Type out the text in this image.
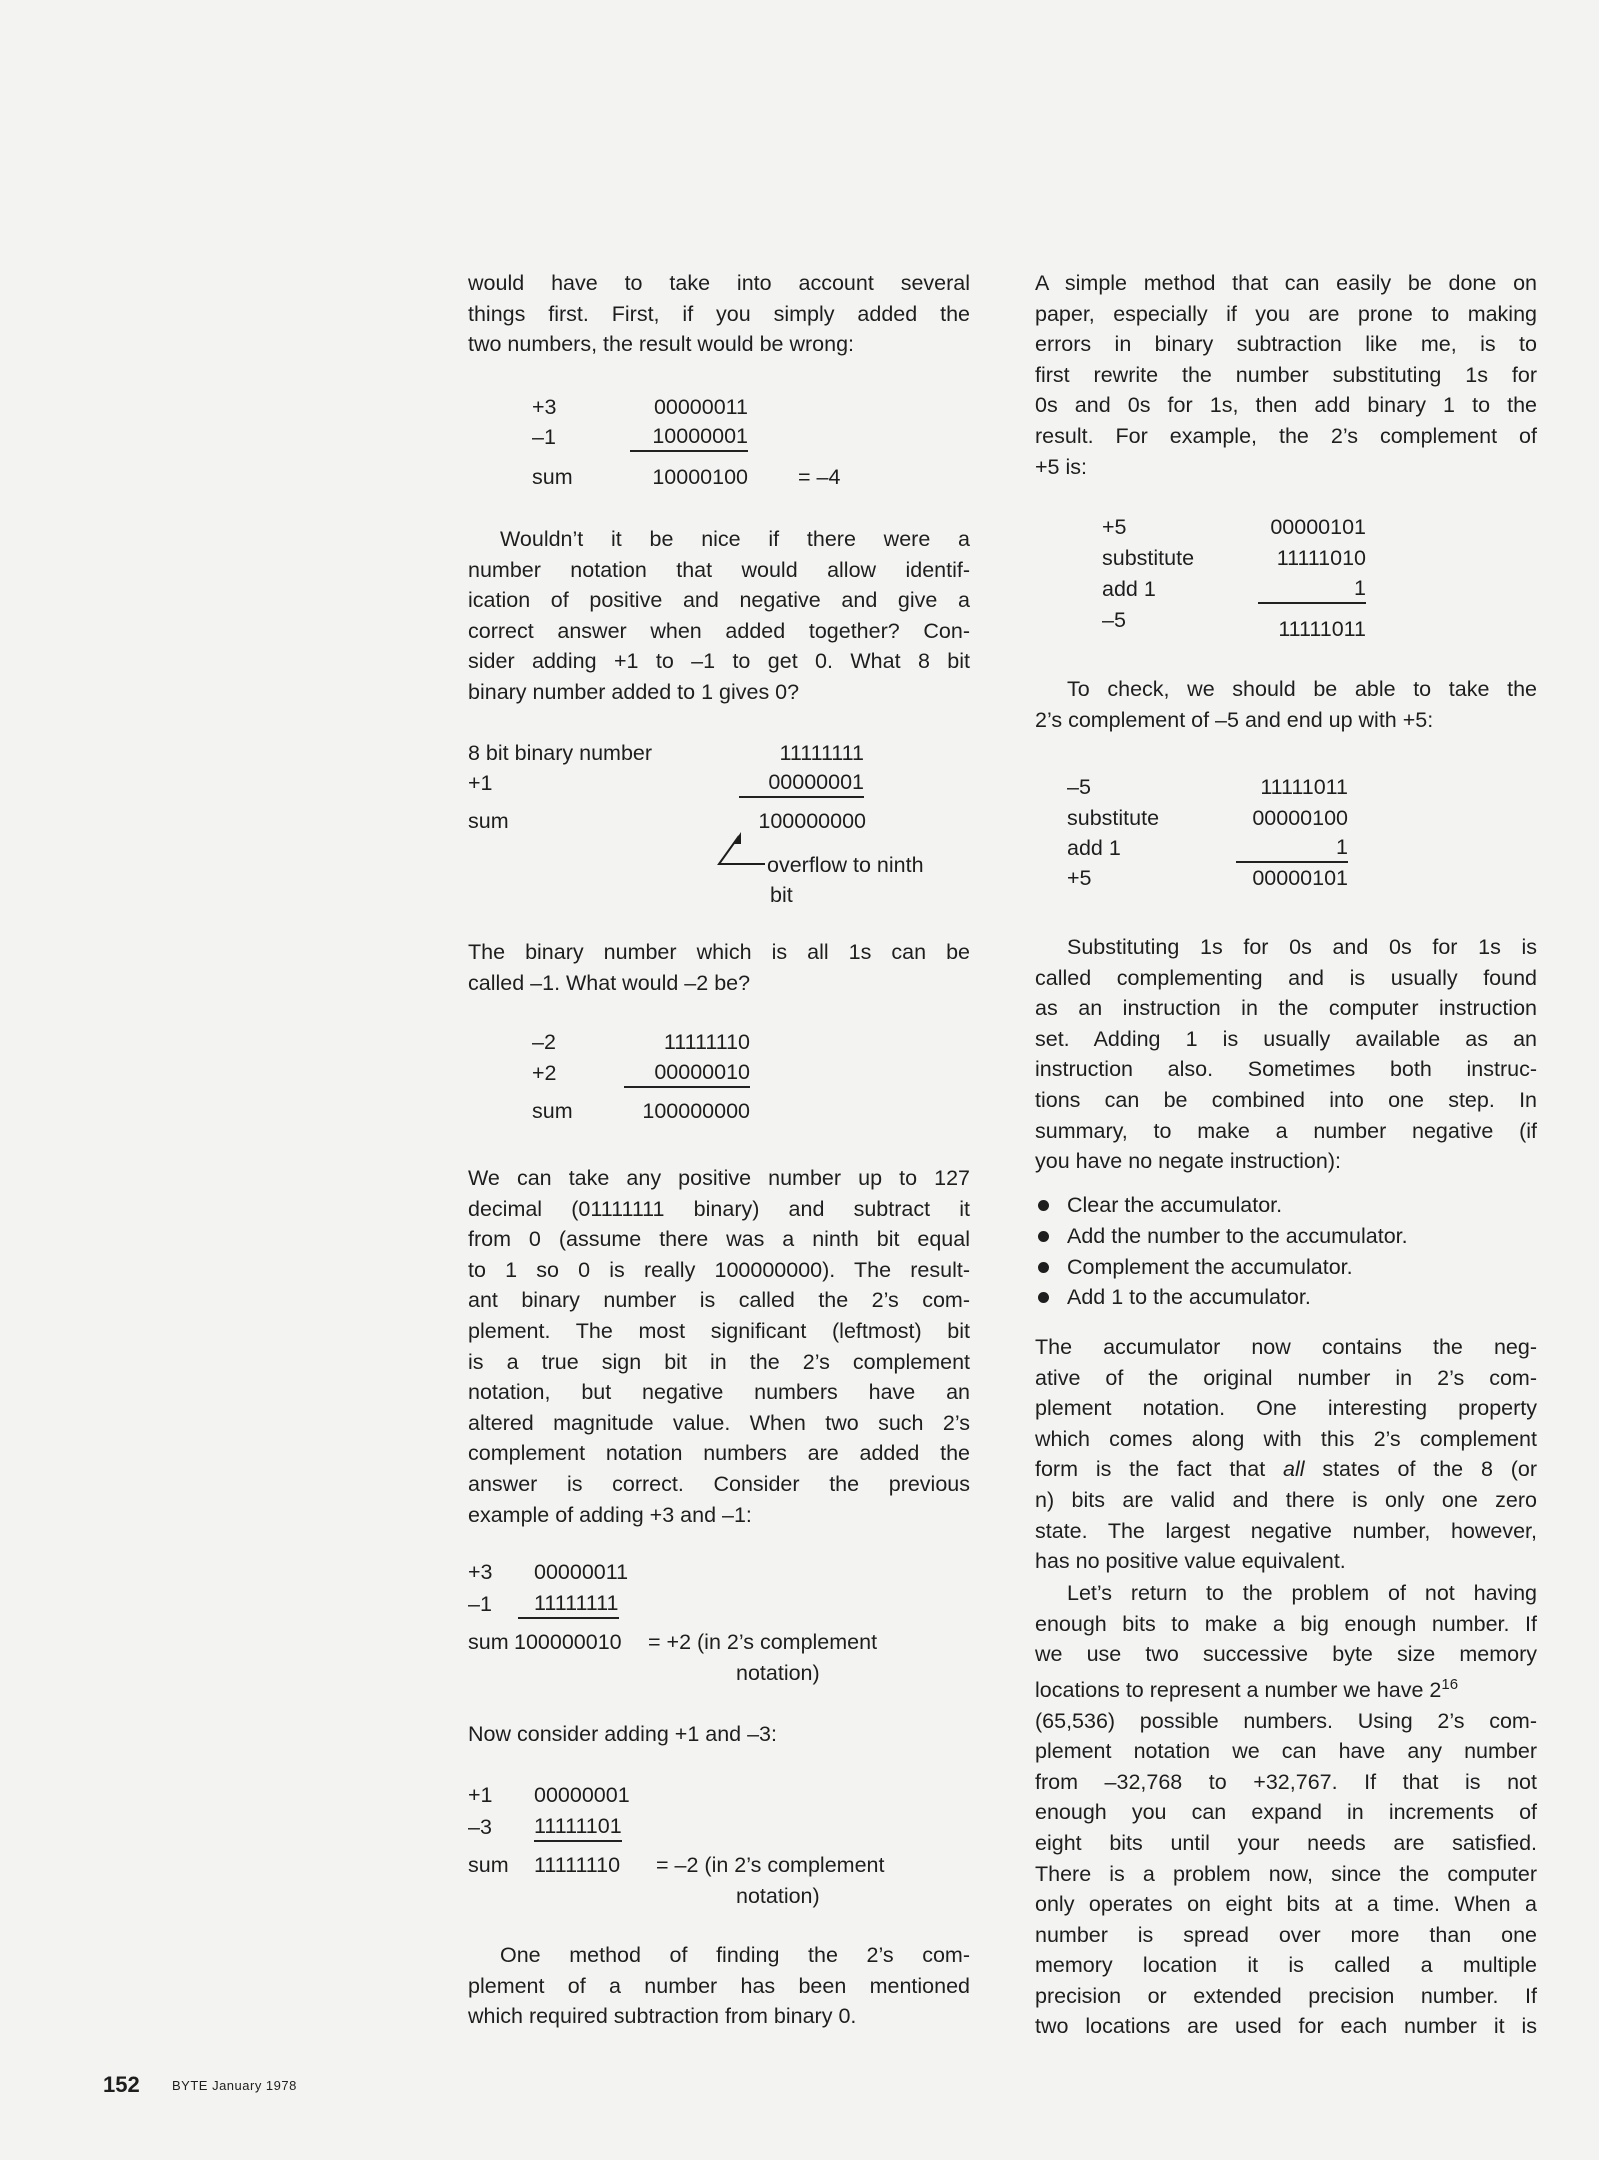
would have to take into account several
things first. First, if you simply added the
two numbers, the result would be wrong:
+3	00000011
–1	10000001
sum	10000100 = –4
Wouldn’t it be nice if there were a
number notation that would allow identif-
ication of positive and negative and give a
correct answer when added together? Con-
sider adding +1 to –1 to get 0. What 8 bit
binary number added to 1 gives 0?
8 bit binary number	11111111
+1	00000001
sum	100000000
overflow to ninth
bit
The binary number which is all 1s can be
called –1. What would –2 be?
–2	11111110
+2	00000010
sum	100000000
We can take any positive number up to 127
decimal (01111111 binary) and subtract it
from 0 (assume there was a ninth bit equal
to 1 so 0 is really 100000000). The result-
ant binary number is called the 2’s com-
plement. The most significant (leftmost) bit
is a true sign bit in the 2’s complement
notation, but negative numbers have an
altered magnitude value. When two such 2’s
complement notation numbers are added the
answer is correct. Consider the previous
example of adding +3 and –1:
+3 00000011
–1	11111111
sum 100000010 = +2 (in 2’s complement
notation)
Now consider adding +1 and –3:
+1 00000001
–3 11111101
sum 11111110 = –2 (in 2’s complement
notation)
One method of finding the 2’s com-
plement of a number has been mentioned
which required subtraction from binary 0.
A simple method that can easily be done on
paper, especially if you are prone to making
errors in binary subtraction like me, is to
first rewrite the number substituting 1s for
0s and 0s for 1s, then add binary 1 to the
result. For example, the 2’s complement of
+5 is:
+5	00000101
substitute	11111010
add 1	1
–5	11111011
To check, we should be able to take the
2’s complement of –5 and end up with +5:
–5	11111011
substitute	00000100
add 1	1
+5	00000101
Substituting 1s for 0s and 0s for 1s is
called complementing and is usually found
as an instruction in the computer instruction
set. Adding 1 is usually available as an
instruction also. Sometimes both instruc-
tions can be combined into one step. In
summary, to make a number negative (if
you have no negate instruction):
Clear the accumulator.
Add the number to the accumulator.
Complement the accumulator.
Add 1 to the accumulator.
The accumulator now contains the neg-
ative of the original number in 2’s com-
plement notation. One interesting property
which comes along with this 2’s complement
form is the fact that all states of the 8 (or
n) bits are valid and there is only one zero
state. The largest negative number, however,
has no positive value equivalent.
Let’s return to the problem of not having
enough bits to make a big enough number. If
we use two successive byte size memory
locations to represent a number we have $2^{16}$
(65,536) possible numbers. Using 2’s com-
plement notation we can have any number
from –32,768 to +32,767. If that is not
enough you can expand in increments of
eight bits until your needs are satisfied.
There is a problem now, since the computer
only operates on eight bits at a time. When a
number is spread over more than one
memory location it is called a multiple
precision or extended precision number. If
two locations are used for each number it is
152 BYTE January 1978
